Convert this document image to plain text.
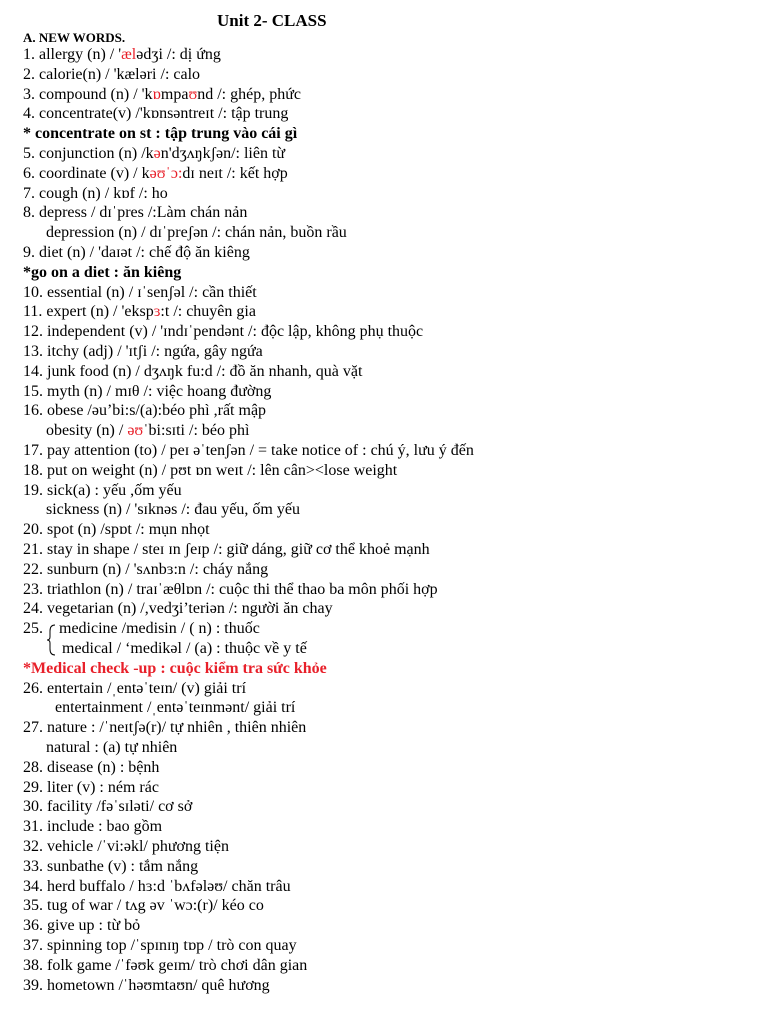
Unit 2- CLASS
A. NEW WORDS.
1. allergy (n) / 'ælədʒi /: dị ứng
2. calorie(n) / 'kæləri /: calo
3. compound (n) / 'kɒmpaʊnd /: ghép, phức
4. concentrate(v) /'kɒnsəntreɪt /: tập trung
* concentrate on st : tập trung vào cái gì
5. conjunction (n) /kən'dʒʌŋkʃən/: liên từ
6. coordinate (v) / kəʊˈɔ:dɪ neɪt /: kết hợp
7. cough (n) / kɒf /: ho
8. depress / dɪˈpres /:Làm chán nản
depression (n) / dɪˈpreʃən /: chán nản, buồn rầu
9. diet (n) / 'daɪət /: chế độ ăn kiêng
*go on a diet : ăn kiêng
10. essential (n) / ɪˈsenʃəl /: cần thiết
11. expert (n) / 'ekspɜ:t /: chuyên gia
12. independent (v) / 'ɪndɪˈpendənt /: độc lập, không phụ thuộc
13. itchy (adj) / 'ɪtʃi /: ngứa, gây ngứa
14. junk food (n) / dʒʌŋk fu:d /: đồ ăn nhanh, quà vặt
15. myth (n) / mɪθ /: việc hoang đường
16. obese /əu’bi:s/(a):béo phì ,rất mập
obesity (n) / əʊˈbi:sɪti /: béo phì
17. pay attention (to) / peɪ əˈtenʃən / = take notice of : chú ý, lưu ý đến
18. put on weight (n) / pʊt ɒn weɪt /: lên cân><lose weight
19. sick(a) : yếu ,ốm yếu
sickness (n) / 'sɪknəs /: đau yếu, ốm yếu
20. spot (n) /spɒt /: mụn nhọt
21. stay in shape / steɪ ɪn ʃeɪp /: giữ dáng, giữ cơ thể khoẻ mạnh
22. sunburn (n) / 'sʌnbɜ:n /: cháy nắng
23. triathlon (n) / traɪˈæθlɒn /: cuộc thi thể thao ba môn phối hợp
24. vegetarian (n) /,vedʒi’teriən /: người ăn chay
25. medicine /medisin / ( n) : thuốc
medical / ‘medikəl / (a) : thuộc về y tế
*Medical check -up : cuộc kiểm tra sức khỏe
26. entertain /ˌentəˈteɪn/ (v) giải trí
entertainment /ˌentəˈteɪnmənt/ giải trí
27. nature : /ˈneɪtʃə(r)/ tự nhiên , thiên nhiên
natural : (a) tự nhiên
28. disease (n) : bệnh
29. liter (v) : ném rác
30. facility /fəˈsɪləti/ cơ sở
31. include : bao gồm
32. vehicle /ˈvi:əkl/ phương tiện
33. sunbathe (v) : tắm nắng
34. herd buffalo / hɜ:d ˈbʌfələʊ/ chăn trâu
35. tug of war / tʌg əv ˈwɔ:(r)/ kéo co
36. give up : từ bỏ
37. spinning top /ˈspɪnɪŋ tɒp / trò con quay
38. folk game /ˈfəʊk geɪm/ trò chơi dân gian
39. hometown /ˈhəʊmtaʊn/ quê hương
